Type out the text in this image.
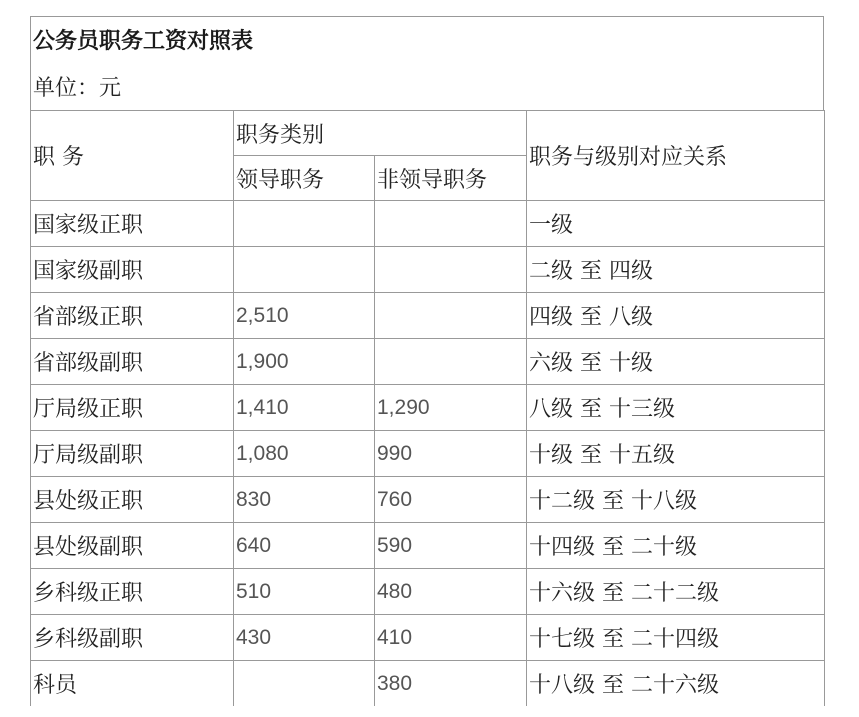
公务员职务工资对照表
单位：元
职 务	职务类别		职务与级别对应关系
	领导职务	非领导职务	
国家级正职			一级
国家级副职			二级 至 四级
省部级正职	2,510		四级 至 八级
省部级副职	1,900		六级 至 十级
厅局级正职	1,410	1,290	八级 至 十三级
厅局级副职	1,080	990	十级 至 十五级
县处级正职	830	760	十二级 至 十八级
县处级副职	640	590	十四级 至 二十级
乡科级正职	510	480	十六级 至 二十二级
乡科级副职	430	410	十七级 至 二十四级
科员		380	十八级 至 二十六级
